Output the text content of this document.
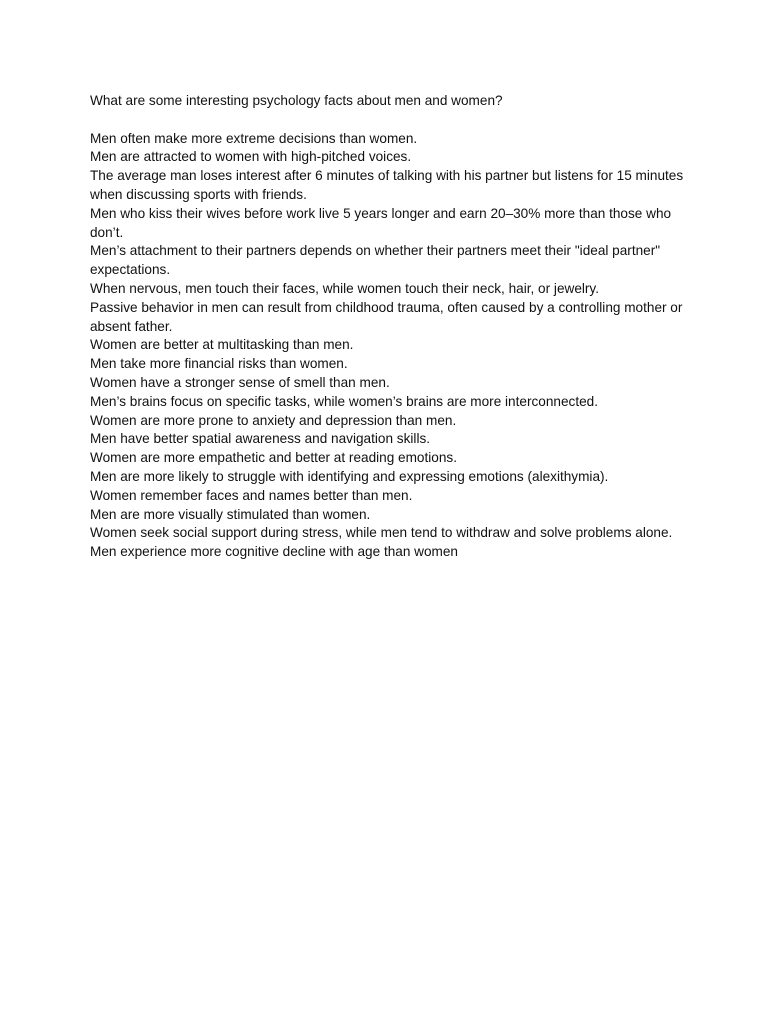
What are some interesting psychology facts about men and women?

Men often make more extreme decisions than women.
Men are attracted to women with high-pitched voices.
The average man loses interest after 6 minutes of talking with his partner but listens for 15 minutes when discussing sports with friends.
Men who kiss their wives before work live 5 years longer and earn 20–30% more than those who don’t.
Men’s attachment to their partners depends on whether their partners meet their "ideal partner" expectations.
When nervous, men touch their faces, while women touch their neck, hair, or jewelry.
Passive behavior in men can result from childhood trauma, often caused by a controlling mother or absent father.
Women are better at multitasking than men.
Men take more financial risks than women.
Women have a stronger sense of smell than men.
Men’s brains focus on specific tasks, while women’s brains are more interconnected.
Women are more prone to anxiety and depression than men.
Men have better spatial awareness and navigation skills.
Women are more empathetic and better at reading emotions.
Men are more likely to struggle with identifying and expressing emotions (alexithymia).
Women remember faces and names better than men.
Men are more visually stimulated than women.
Women seek social support during stress, while men tend to withdraw and solve problems alone.
Men experience more cognitive decline with age than women
